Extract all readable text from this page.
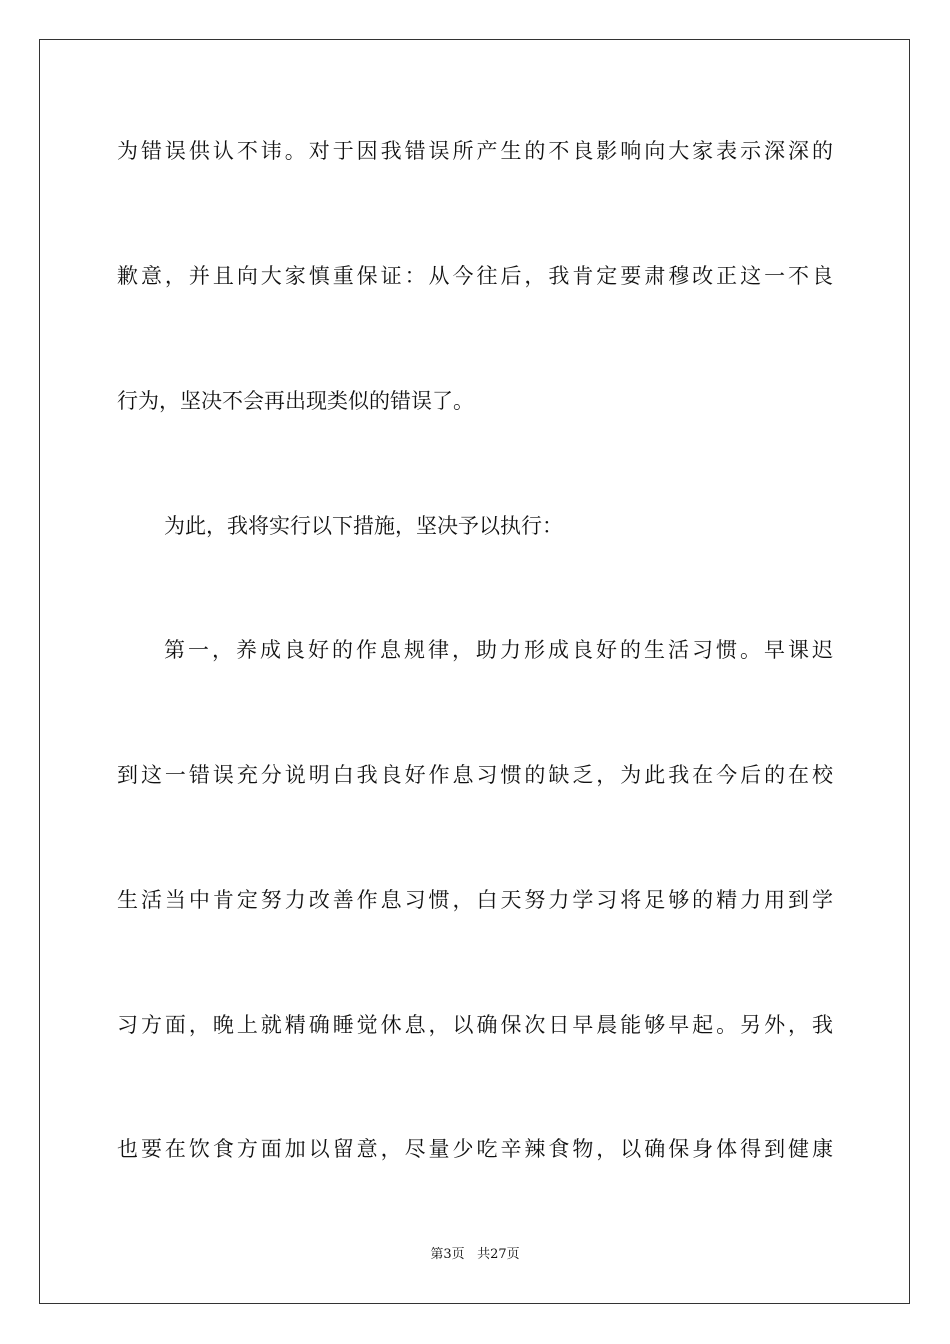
为错误供认不讳。对于因我错误所产生的不良影响向大家表示深深的
歉意，并且向大家慎重保证：从今往后，我肯定要肃穆改正这一不良
行为，坚决不会再出现类似的错误了。
为此，我将实行以下措施，坚决予以执行：
第一，养成良好的作息规律，助力形成良好的生活习惯。早课迟
到这一错误充分说明白我良好作息习惯的缺乏，为此我在今后的在校
生活当中肯定努力改善作息习惯，白天努力学习将足够的精力用到学
习方面，晚上就精确睡觉休息，以确保次日早晨能够早起。另外，我
也要在饮食方面加以留意，尽量少吃辛辣食物，以确保身体得到健康
第3页 共27页
